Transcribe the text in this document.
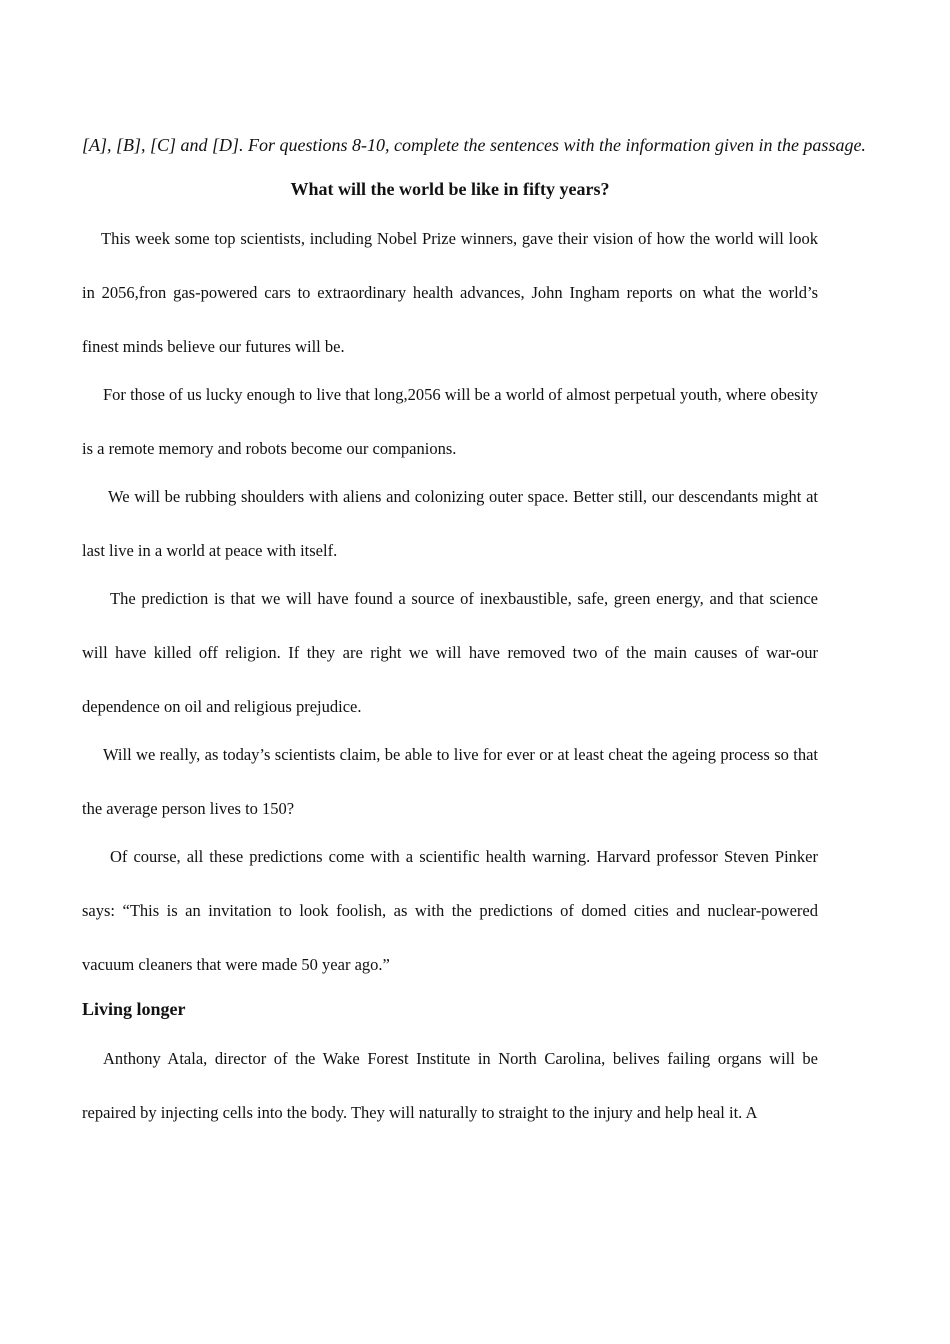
[A], [B], [C] and [D]. For questions 8-10, complete the sentences with the information given in the passage.

What will the world be like in fifty years?

This week some top scientists, including Nobel Prize winners, gave their vision of how the world will look in 2056,fron gas-powered cars to extraordinary health advances, John Ingham reports on what the world’s finest minds believe our futures will be.

For those of us lucky enough to live that long,2056 will be a world of almost perpetual youth, where obesity is a remote memory and robots become our companions.

We will be rubbing shoulders with aliens and colonizing outer space. Better still, our descendants might at last live in a world at peace with itself.

The prediction is that we will have found a source of inexbaustible, safe, green energy, and that science will have killed off religion. If they are right we will have removed two of the main causes of war-our dependence on oil and religious prejudice.

Will we really, as today’s scientists claim, be able to live for ever or at least cheat the ageing process so that the average person lives to 150?

Of course, all these predictions come with a scientific health warning. Harvard professor Steven Pinker says: “This is an invitation to look foolish, as with the predictions of domed cities and nuclear-powered vacuum cleaners that were made 50 year ago.”

Living longer

Anthony Atala, director of the Wake Forest Institute in North Carolina, belives failing organs will be repaired by injecting cells into the body. They will naturally to straight to the injury and help heal it. A
